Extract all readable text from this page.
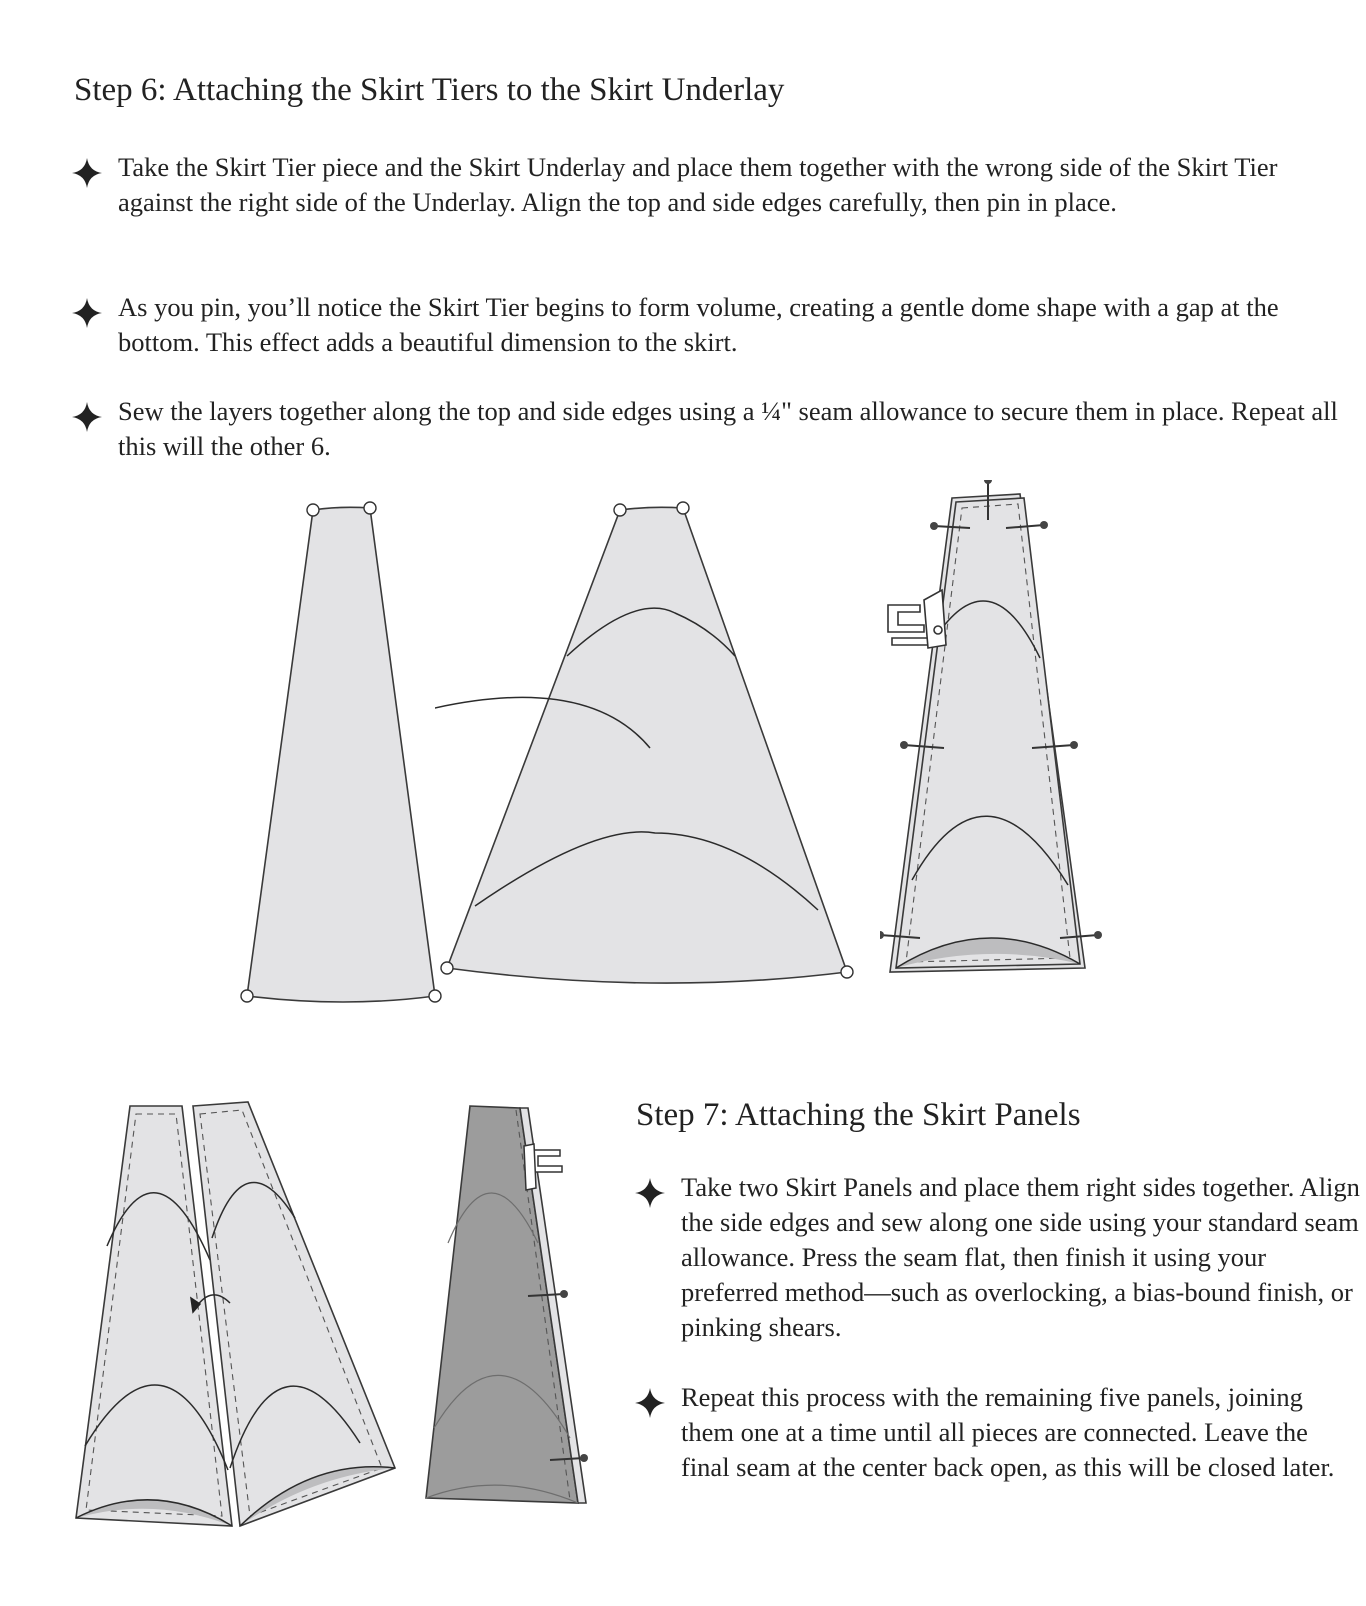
Step 6: Attaching the Skirt Tiers to the Skirt Underlay

Take the Skirt Tier piece and the Skirt Underlay and place them together with the wrong side of the Skirt Tier against the right side of the Underlay. Align the top and side edges carefully, then pin in place.

As you pin, you’ll notice the Skirt Tier begins to form volume, creating a gentle dome shape with a gap at the bottom. This effect adds a beautiful dimension to the skirt.

Sew the layers together along the top and side edges using a ¼" seam allowance to secure them in place. Repeat all this will the other 6.

Step 7: Attaching the Skirt Panels

Take two Skirt Panels and place them right sides together. Align the side edges and sew along one side using your standard seam allowance. Press the seam flat, then finish it using your preferred method—such as overlocking, a bias-bound finish, or pinking shears.

Repeat this process with the remaining five panels, joining them one at a time until all pieces are connected. Leave the final seam at the center back open, as this will be closed later.
